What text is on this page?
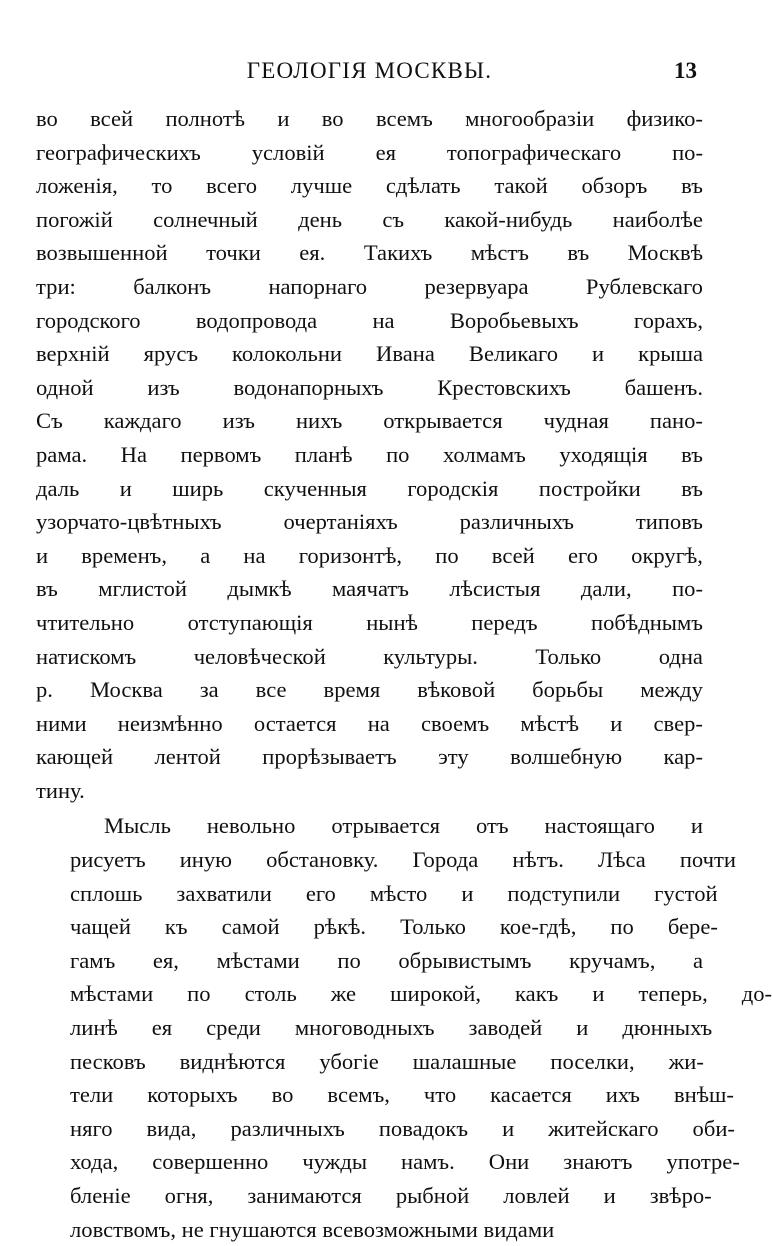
ГЕОЛОГІЯ МОСКВЫ.	13

во всей полнотѣ и во всемъ многообразіи физико-
географическихъ условій ея топографическаго по-
ложенія, то всего лучше сдѣлать такой обзоръ въ
погожій солнечный день съ какой-нибудь наиболѣе
возвышенной точки ея. Такихъ мѣстъ въ Москвѣ
три:	балконъ	напорнаго	резервуара	Рублевскаго
городского водопровода на Воробьевыхъ горахъ,
верхній ярусъ колокольни Ивана Великаго и крыша
одной изъ водонапорныхъ Крестовскихъ башенъ.
Съ каждаго изъ нихъ открывается чудная пано-
рама. На первомъ планѣ по холмамъ уходящія въ
даль и ширь скученныя городскія постройки въ
узорчато-цвѣтныхъ	очертаніяхъ	различныхъ	типовъ
и временъ, а на горизонтѣ, по всей его округѣ,
въ мглистой дымкѣ маячатъ лѣсистыя дали, по-
чтительно отступающія нынѣ передъ побѣднымъ
натискомъ	человѣческой	культуры.	Только	одна
р. Москва за все время вѣковой борьбы между
ними неизмѣнно остается на своемъ мѣстѣ и свер-
кающей лентой прорѣзываетъ эту волшебную кар-
тину.

Мысль	невольно	отрывается	отъ	настоящаго	и
рисуетъ	иную	обстановку.	Города	нѣтъ.	Лѣса	почти
сплошь	захватили	его	мѣсто	и	подступили	густой
чащей	къ	самой	рѣкѣ.	Только	кое-гдѣ,	по	бере-
гамъ	ея,	мѣстами	по	обрывистымъ	кручамъ,	а
мѣстами	по	столь	же	широкой,	какъ	и	теперь,	до-
линѣ	ея	среди	многоводныхъ	заводей	и	дюнныхъ
песковъ	виднѣются	убогіе	шалашные	поселки,	жи-
тели	которыхъ	во	всемъ,	что	касается	ихъ	внѣш-
няго	вида,	различныхъ	повадокъ	и	житейскаго	оби-
хода,	совершенно	чужды	намъ.	Они	знаютъ	употре-
бленіе	огня,	занимаются	рыбной	ловлей	и	звѣро-
ловствомъ, не гнушаются всевозможными видами
